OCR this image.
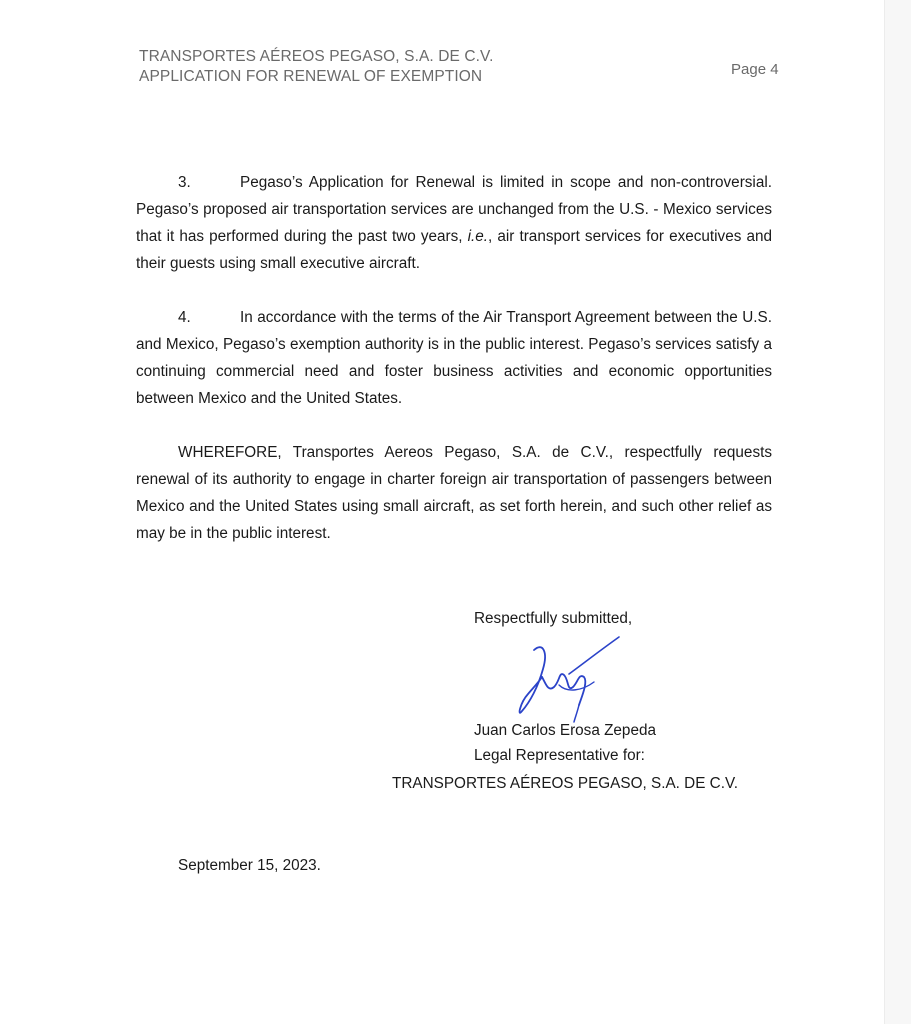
TRANSPORTES AÉREOS PEGASO, S.A. DE C.V.
APPLICATION FOR RENEWAL OF EXEMPTION	Page 4

3.	Pegaso’s Application for Renewal is limited in scope and non-controversial. Pegaso’s proposed air transportation services are unchanged from the U.S. - Mexico services that it has performed during the past two years, i.e., air transport services for executives and their guests using small executive aircraft.

4.	In accordance with the terms of the Air Transport Agreement between the U.S. and Mexico, Pegaso’s exemption authority is in the public interest. Pegaso’s services satisfy a continuing commercial need and foster business activities and economic opportunities between Mexico and the United States.

WHEREFORE, Transportes Aereos Pegaso, S.A. de C.V., respectfully requests renewal of its authority to engage in charter foreign air transportation of passengers between Mexico and the United States using small aircraft, as set forth herein, and such other relief as may be in the public interest.

Respectfully submitted,
Juan Carlos Erosa Zepeda
Legal Representative for:
TRANSPORTES AÉREOS PEGASO, S.A. DE C.V.
September 15, 2023.
